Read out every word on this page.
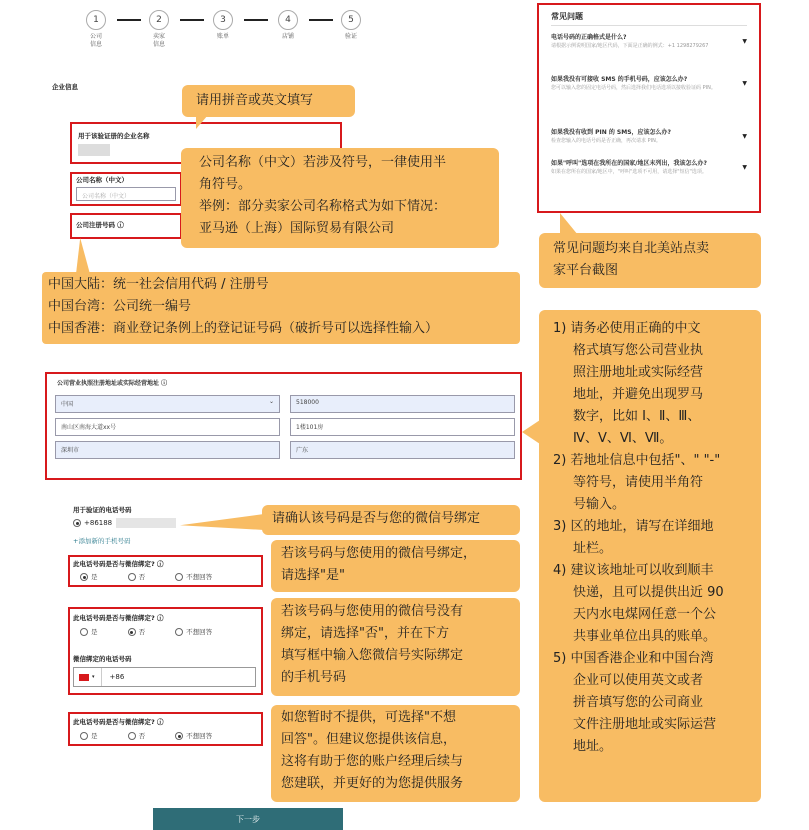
1	2	3	4	5
公司
信息
卖家
信息
账单	店铺	验证
企业信息
用于该验证册的企业名称
公司名称（中文）
公司名称（中文）
公司注册号码 ⓘ
请用拼音或英文填写
公司名称（中文）若涉及符号，一律使用半
角符号。
举例：部分卖家公司名称格式为如下情况：
亚马逊（上海）国际贸易有限公司
中国大陆：统一社会信用代码 / 注册号
中国台湾：公司统一编号
中国香港：商业登记条例上的登记证号码（破折号可以选择性输入）
公司营业执照注册地址或实际经营地址 ⓘ
中国	⌄	518000
南山区南海大道xx号	1楼101房
深圳市	广东
常见问题
电话号码的正确格式是什么?
请根据示例说明国家/地区代码，下面是正确的例式：+1 1298279267
▼
如果我没有可接收 SMS 的手机号码，应该怎么办?
您可以输入您的固定电话号码，然后选择我们电话选项以接收验证码 PIN。
▼
如果我没有收到 PIN 的 SMS，应该怎么办?
检查您输入的电话号码是否正确，再次请求 PIN。
▼
如果"呼叫"选项在我所在的国家/地区未列出，我该怎么办?
如果在您所在的国家/地区中，"呼叫"选项不可用，请选择"短信"选项。
▼
常见问题均来自北美站点卖
家平台截图
1) 请务必使用正确的中文
格式填写您公司营业执
照注册地址或实际经营
地址，并避免出现罗马
数字，比如 Ⅰ、Ⅱ、Ⅲ、
Ⅳ、Ⅴ、Ⅵ、Ⅶ。
2) 若地址信息中包括"、" "-"
等符号，请使用半角符
号输入。
3) 区的地址，请写在详细地
址栏。
4) 建议该地址可以收到顺丰
快递，且可以提供出近 90
天内水电煤网任意一个公
共事业单位出具的账单。
5) 中国香港企业和中国台湾
企业可以使用英文或者
拼音填写您的公司商业
文件注册地址或实际运营
地址。
用于验证的电话号码
+86188
+添加新的手机号码
请确认该号码是否与您的微信号绑定
此电话号码是否与微信绑定? ⓘ
是	否	不想回答
若该号码与您使用的微信号绑定，
请选择"是"
此电话号码是否与微信绑定? ⓘ
是	否	不想回答
微信绑定的电话号码
▾	+86
若该号码与您使用的微信号没有
绑定，请选择"否"，并在下方
填写框中输入您微信号实际绑定
的手机号码
此电话号码是否与微信绑定? ⓘ
是	否	不想回答
如您暂时不提供，可选择"不想
回答"。但建议您提供该信息，
这将有助于您的账户经理后续与
您建联，并更好的为您提供服务
下一步
